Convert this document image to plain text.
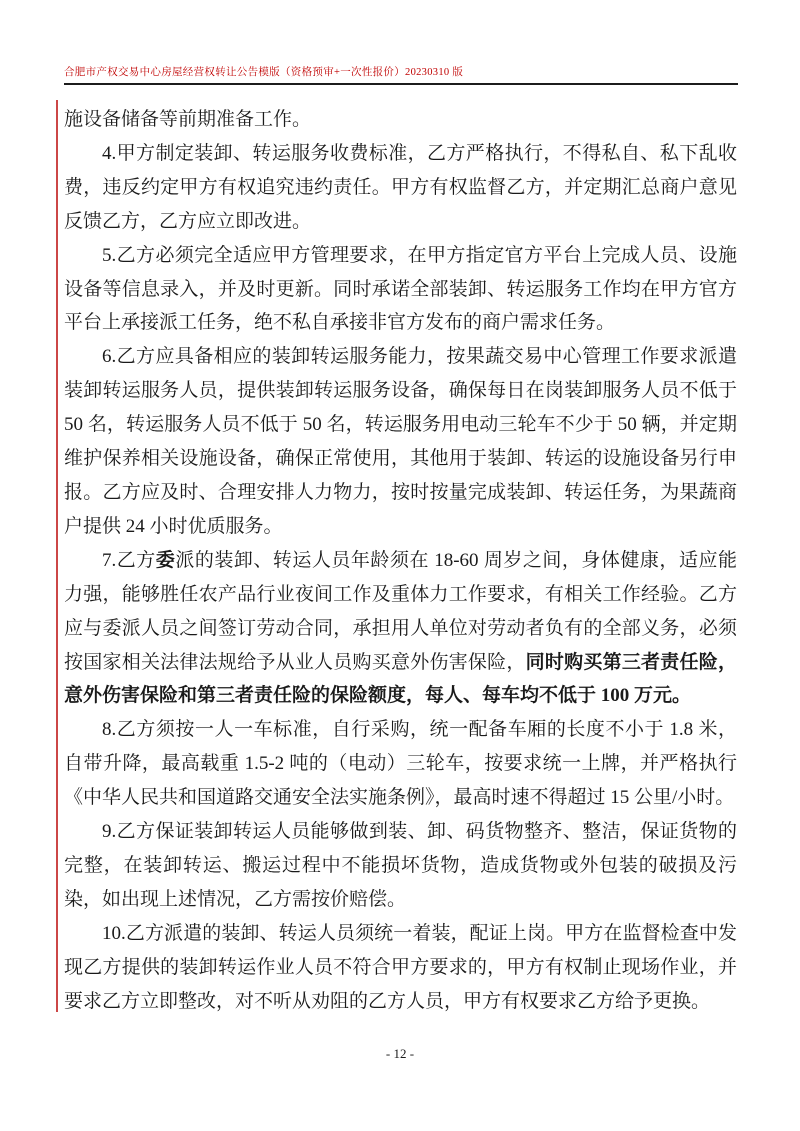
合肥市产权交易中心房屋经营权转让公告模版（资格预审+一次性报价）20230310 版

施设备储备等前期准备工作。

4.甲方制定装卸、转运服务收费标准，乙方严格执行，不得私自、私下乱收费，违反约定甲方有权追究违约责任。甲方有权监督乙方，并定期汇总商户意见反馈乙方，乙方应立即改进。

5.乙方必须完全适应甲方管理要求，在甲方指定官方平台上完成人员、设施设备等信息录入，并及时更新。同时承诺全部装卸、转运服务工作均在甲方官方平台上承接派工任务，绝不私自承接非官方发布的商户需求任务。

6.乙方应具备相应的装卸转运服务能力，按果蔬交易中心管理工作要求派遣装卸转运服务人员，提供装卸转运服务设备，确保每日在岗装卸服务人员不低于 50 名，转运服务人员不低于 50 名，转运服务用电动三轮车不少于 50 辆，并定期维护保养相关设施设备，确保正常使用，其他用于装卸、转运的设施设备另行申报。乙方应及时、合理安排人力物力，按时按量完成装卸、转运任务，为果蔬商户提供 24 小时优质服务。

7.乙方委派的装卸、转运人员年龄须在 18-60 周岁之间，身体健康，适应能力强，能够胜任农产品行业夜间工作及重体力工作要求，有相关工作经验。乙方应与委派人员之间签订劳动合同，承担用人单位对劳动者负有的全部义务，必须按国家相关法律法规给予从业人员购买意外伤害保险，同时购买第三者责任险，意外伤害保险和第三者责任险的保险额度，每人、每车均不低于 100 万元。

8.乙方须按一人一车标准，自行采购，统一配备车厢的长度不小于 1.8 米，自带升降，最高载重 1.5-2 吨的（电动）三轮车，按要求统一上牌，并严格执行《中华人民共和国道路交通安全法实施条例》，最高时速不得超过 15 公里/小时。

9.乙方保证装卸转运人员能够做到装、卸、码货物整齐、整洁，保证货物的完整，在装卸转运、搬运过程中不能损坏货物，造成货物或外包装的破损及污染，如出现上述情况，乙方需按价赔偿。

10.乙方派遣的装卸、转运人员须统一着装，配证上岗。甲方在监督检查中发现乙方提供的装卸转运作业人员不符合甲方要求的，甲方有权制止现场作业，并要求乙方立即整改，对不听从劝阻的乙方人员，甲方有权要求乙方给予更换。

- 12 -
